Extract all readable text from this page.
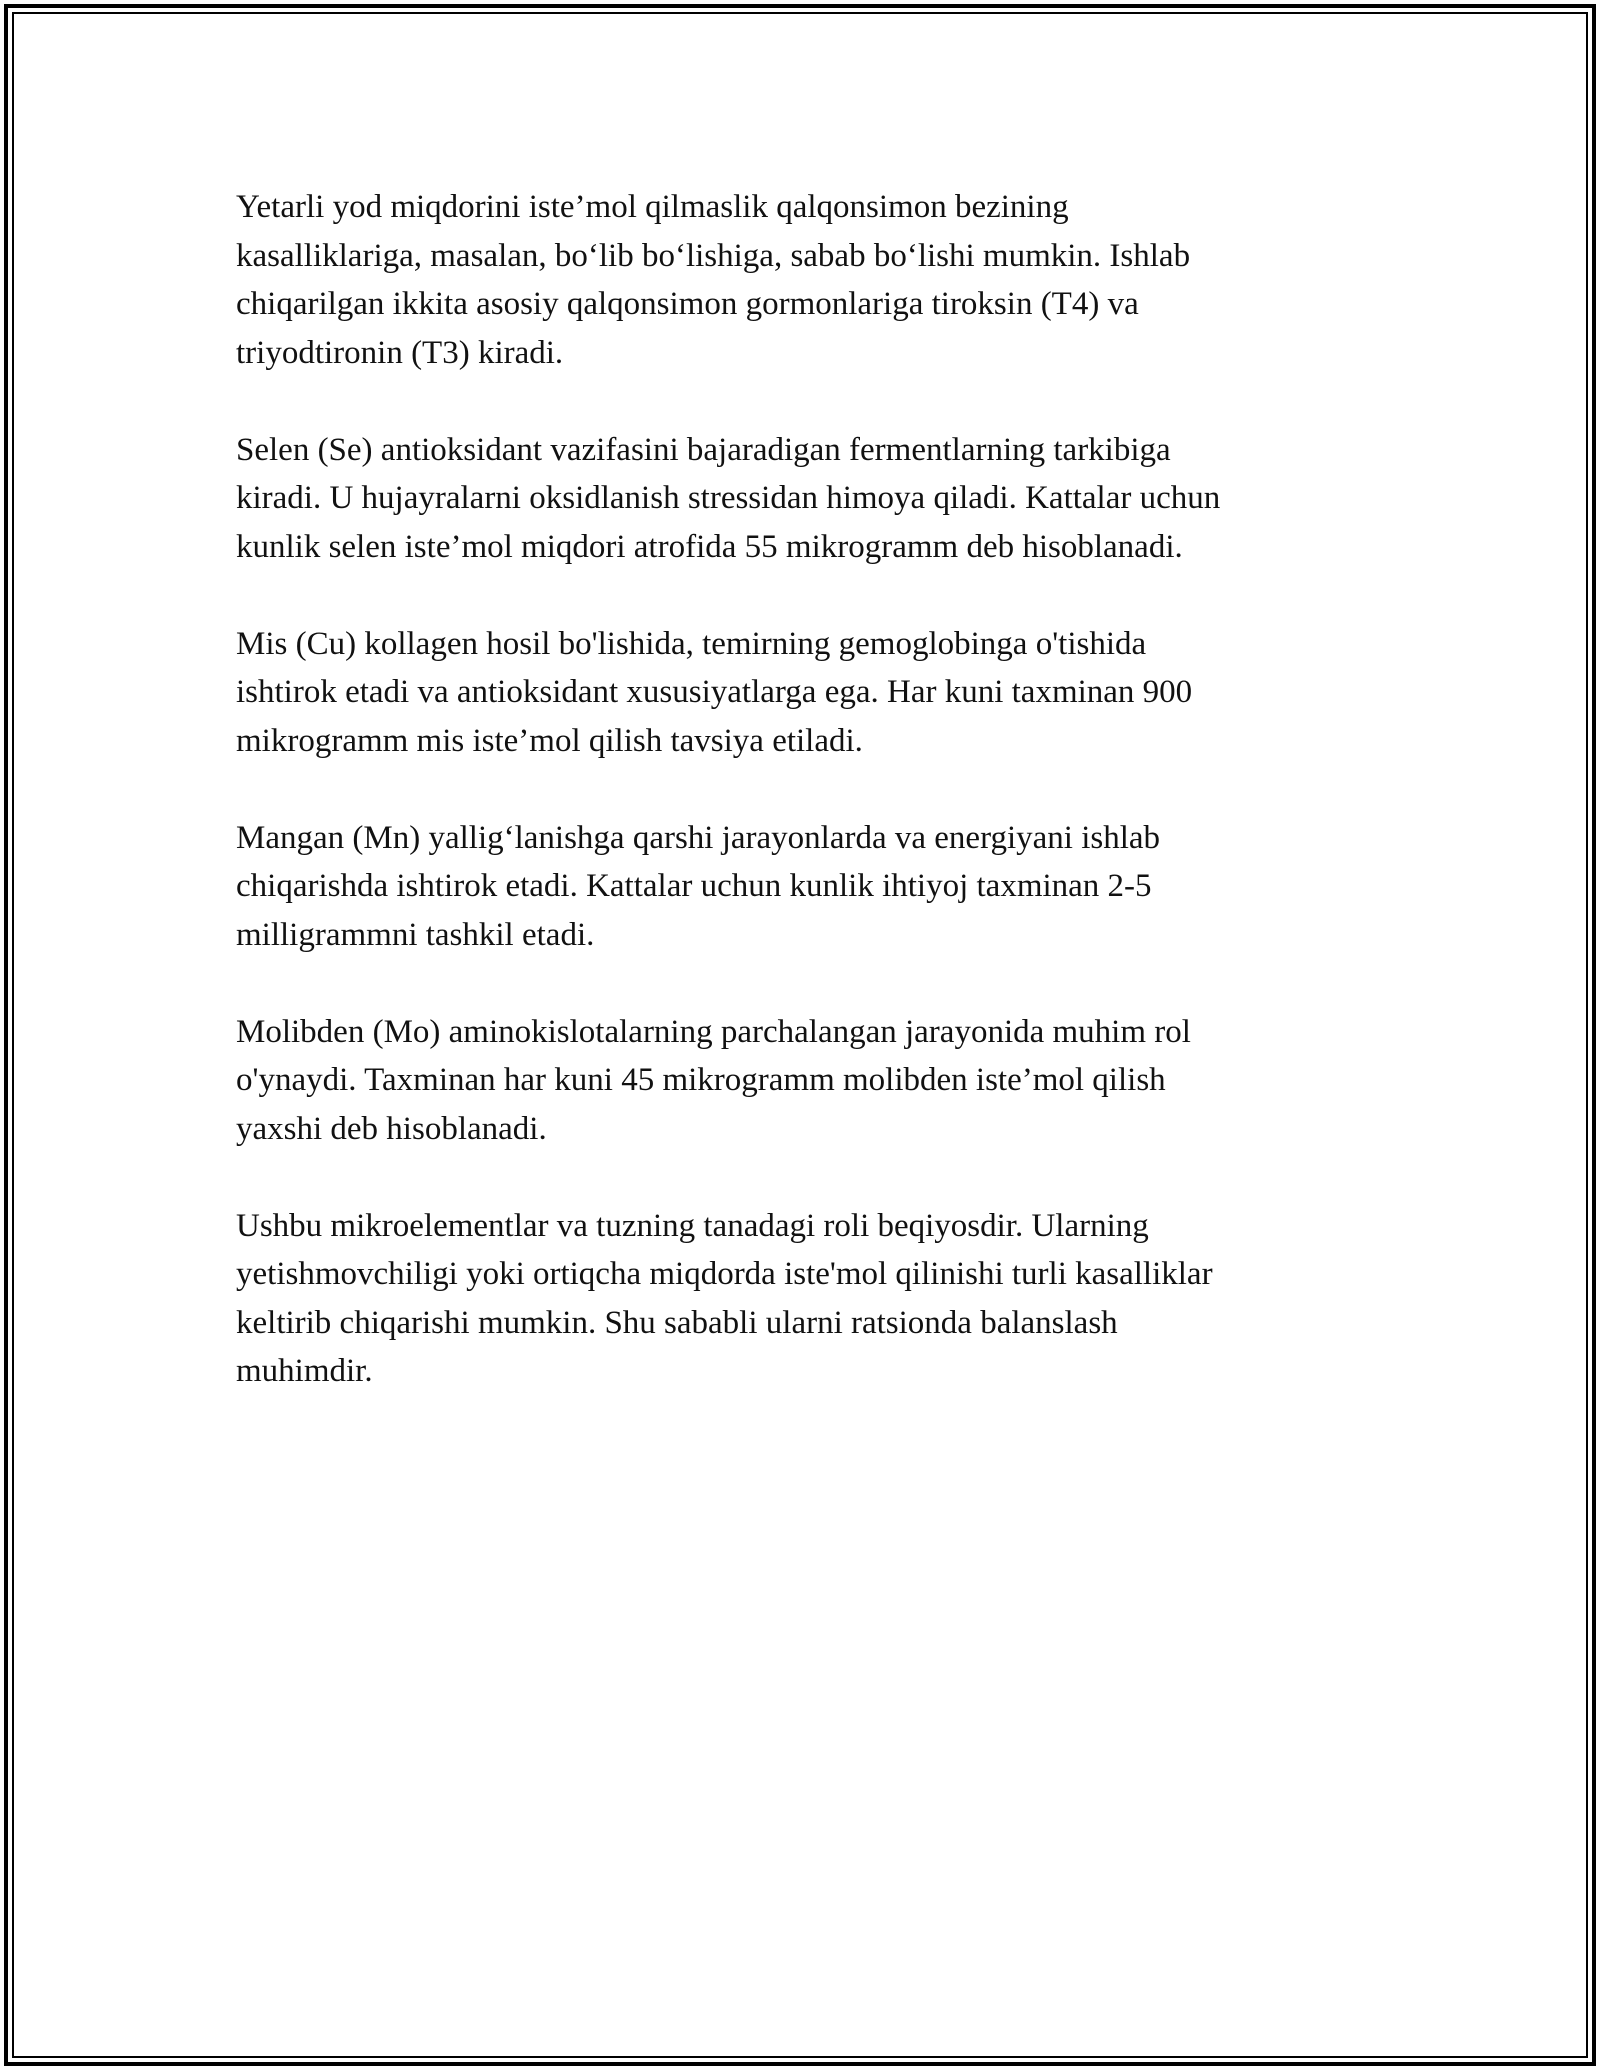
Yetarli yod miqdorini iste’mol qilmaslik qalqonsimon bezining
kasalliklariga, masalan, bo‘lib bo‘lishiga, sabab bo‘lishi mumkin. Ishlab
chiqarilgan ikkita asosiy qalqonsimon gormonlariga tiroksin (T4) va
triyodtironin (T3) kiradi.

Selen (Se) antioksidant vazifasini bajaradigan fermentlarning tarkibiga
kiradi. U hujayralarni oksidlanish stressidan himoya qiladi. Kattalar uchun
kunlik selen iste’mol miqdori atrofida 55 mikrogramm deb hisoblanadi.

Mis (Cu) kollagen hosil bo'lishida, temirning gemoglobinga o'tishida
ishtirok etadi va antioksidant xususiyatlarga ega. Har kuni taxminan 900
mikrogramm mis iste’mol qilish tavsiya etiladi.

Mangan (Mn) yallig‘lanishga qarshi jarayonlarda va energiyani ishlab
chiqarishda ishtirok etadi. Kattalar uchun kunlik ihtiyoj taxminan 2-5
milligrammni tashkil etadi.

Molibden (Mo) aminokislotalarning parchalangan jarayonida muhim rol
o'ynaydi. Taxminan har kuni 45 mikrogramm molibden iste’mol qilish
yaxshi deb hisoblanadi.

Ushbu mikroelementlar va tuzning tanadagi roli beqiyosdir. Ularning
yetishmovchiligi yoki ortiqcha miqdorda iste'mol qilinishi turli kasalliklar
keltirib chiqarishi mumkin. Shu sababli ularni ratsionda balanslash
muhimdir.
